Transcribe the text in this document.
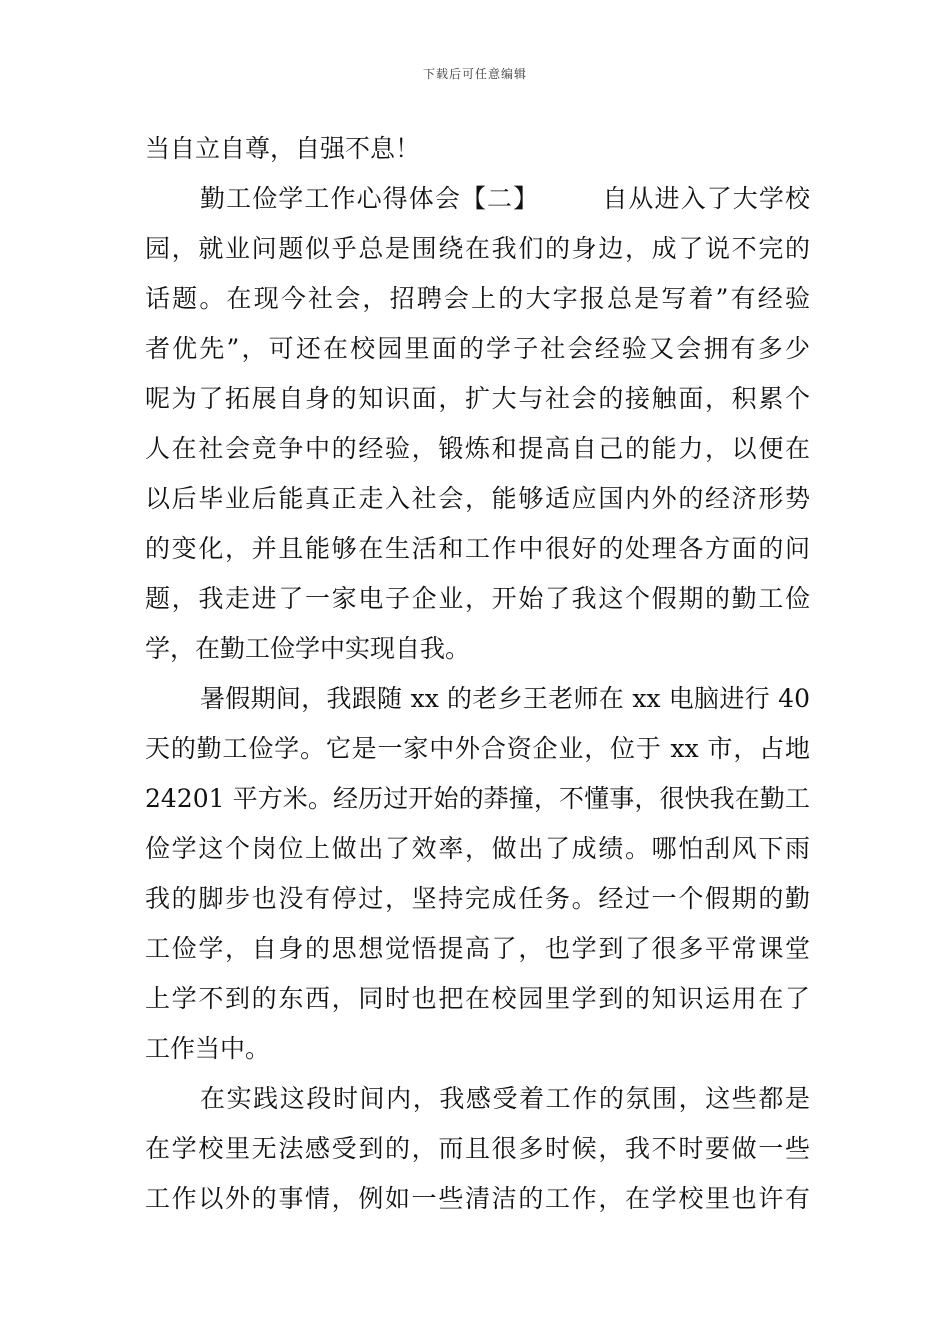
下载后可任意编辑
当自立自尊，自强不息！
勤工俭学工作心得体会【二】 自从进入了大学校
园，就业问题似乎总是围绕在我们的身边，成了说不完的
话题。在现今社会，招聘会上的大字报总是写着”有经验
者优先”，可还在校园里面的学子社会经验又会拥有多少
呢为了拓展自身的知识面，扩大与社会的接触面，积累个
人在社会竞争中的经验，锻炼和提高自己的能力，以便在
以后毕业后能真正走入社会，能够适应国内外的经济形势
的变化，并且能够在生活和工作中很好的处理各方面的问
题，我走进了一家电子企业，开始了我这个假期的勤工俭
学，在勤工俭学中实现自我。
暑假期间，我跟随 xx 的老乡王老师在 xx 电脑进行 40
天的勤工俭学。它是一家中外合资企业，位于 xx 市，占地
24201 平方米。经历过开始的莽撞，不懂事，很快我在勤工
俭学这个岗位上做出了效率，做出了成绩。哪怕刮风下雨
我的脚步也没有停过，坚持完成任务。经过一个假期的勤
工俭学，自身的思想觉悟提高了，也学到了很多平常课堂
上学不到的东西，同时也把在校园里学到的知识运用在了
工作当中。
在实践这段时间内，我感受着工作的氛围，这些都是
在学校里无法感受到的，而且很多时候，我不时要做一些
工作以外的事情，例如一些清洁的工作，在学校里也许有
